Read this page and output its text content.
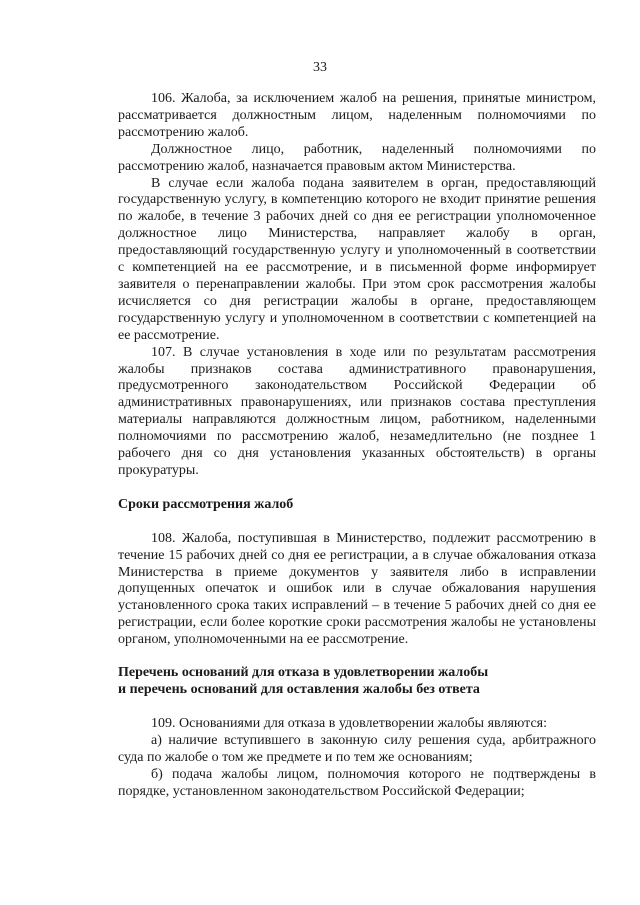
33

106. Жалоба, за исключением жалоб на решения, принятые министром, рассматривается должностным лицом, наделенным полномочиями по рассмотрению жалоб.

Должностное лицо, работник, наделенный полномочиями по рассмотрению жалоб, назначается правовым актом Министерства.

В случае если жалоба подана заявителем в орган, предоставляющий государственную услугу, в компетенцию которого не входит принятие решения по жалобе, в течение 3 рабочих дней со дня ее регистрации уполномоченное должностное лицо Министерства, направляет жалобу в орган, предоставляющий государственную услугу и уполномоченный в соответствии с компетенцией на ее рассмотрение, и в письменной форме информирует заявителя о перенаправлении жалобы. При этом срок рассмотрения жалобы исчисляется со дня регистрации жалобы в органе, предоставляющем государственную услугу и уполномоченном в соответствии с компетенцией на ее рассмотрение.

107. В случае установления в ходе или по результатам рассмотрения жалобы признаков состава административного правонарушения, предусмотренного законодательством Российской Федерации об административных правонарушениях, или признаков состава преступления материалы направляются должностным лицом, работником, наделенными полномочиями по рассмотрению жалоб, незамедлительно (не позднее 1 рабочего дня со дня установления указанных обстоятельств) в органы прокуратуры.

Сроки рассмотрения жалоб

108. Жалоба, поступившая в Министерство, подлежит рассмотрению в течение 15 рабочих дней со дня ее регистрации, а в случае обжалования отказа Министерства в приеме документов у заявителя либо в исправлении допущенных опечаток и ошибок или в случае обжалования нарушения установленного срока таких исправлений – в течение 5 рабочих дней со дня ее регистрации, если более короткие сроки рассмотрения жалобы не установлены органом, уполномоченными на ее рассмотрение.

Перечень оснований для отказа в удовлетворении жалобы

и перечень оснований для оставления жалобы без ответа

109. Основаниями для отказа в удовлетворении жалобы являются:

а) наличие вступившего в законную силу решения суда, арбитражного суда по жалобе о том же предмете и по тем же основаниям;

б) подача жалобы лицом, полномочия которого не подтверждены в порядке, установленном законодательством Российской Федерации;
